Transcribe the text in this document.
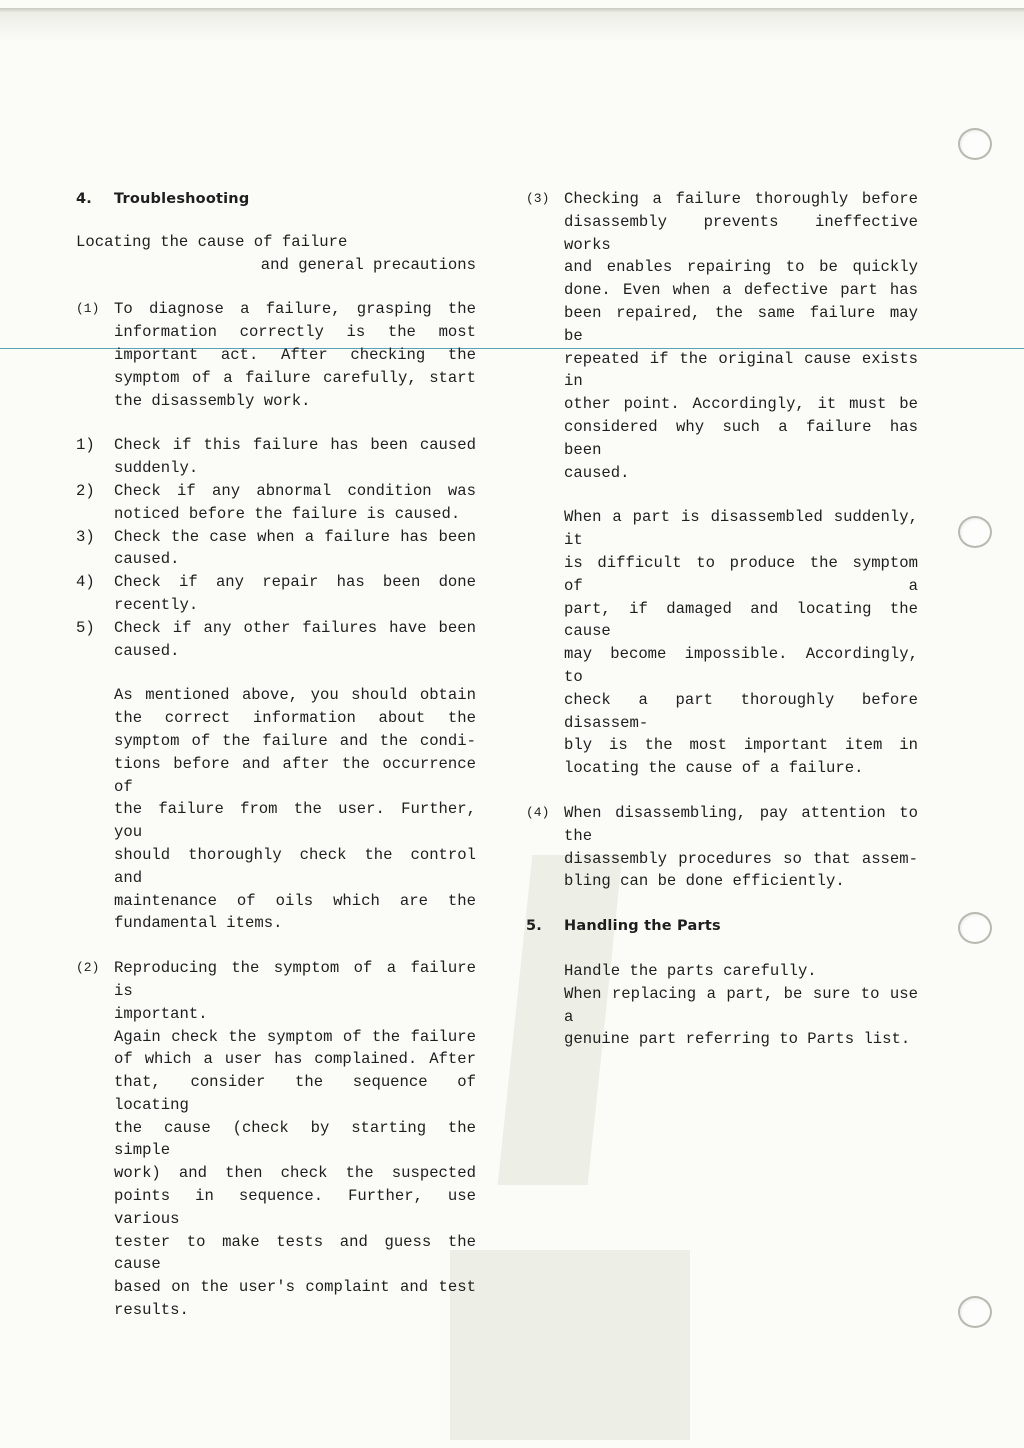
4.	Troubleshooting
Locating the cause of failure
and general precautions
(1) To diagnose a failure, grasping the
information correctly is the most
important act. After checking the
symptom of a failure carefully, start
the disassembly work.
1)	Check if this failure has been caused
suddenly.
2)	Check if any abnormal condition was
noticed before the failure is caused.
3)	Check the case when a failure has been
caused.
4)	Check if any repair has been done
recently.
5)	Check if any other failures have been
caused.
As mentioned above, you should obtain
the correct information about the
symptom of the failure and the condi-
tions before and after the occurrence of
the failure from the user. Further, you
should thoroughly check the control and
maintenance of oils which are the
fundamental items.
(2) Reproducing the symptom of a failure is
important.
Again check the symptom of the failure
of which a user has complained. After
that, consider the sequence of locating
the cause (check by starting the simple
work) and then check the suspected
points in sequence. Further, use various
tester to make tests and guess the cause
based on the user's complaint and test
results.
(3) Checking a failure thoroughly before
disassembly prevents ineffective works
and enables repairing to be quickly
done. Even when a defective part has
been repaired, the same failure may be
repeated if the original cause exists in
other point. Accordingly, it must be
considered why such a failure has been
caused.
When a part is disassembled suddenly, it
is difficult to produce the symptom of a
part, if damaged and locating the cause
may become impossible. Accordingly, to
check a part thoroughly before disassem-
bly is the most important item in
locating the cause of a failure.
(4) When disassembling, pay attention to the
disassembly procedures so that assem-
bling can be done efficiently.
5.	Handling the Parts
Handle the parts carefully.
When replacing a part, be sure to use a
genuine part referring to Parts list.
